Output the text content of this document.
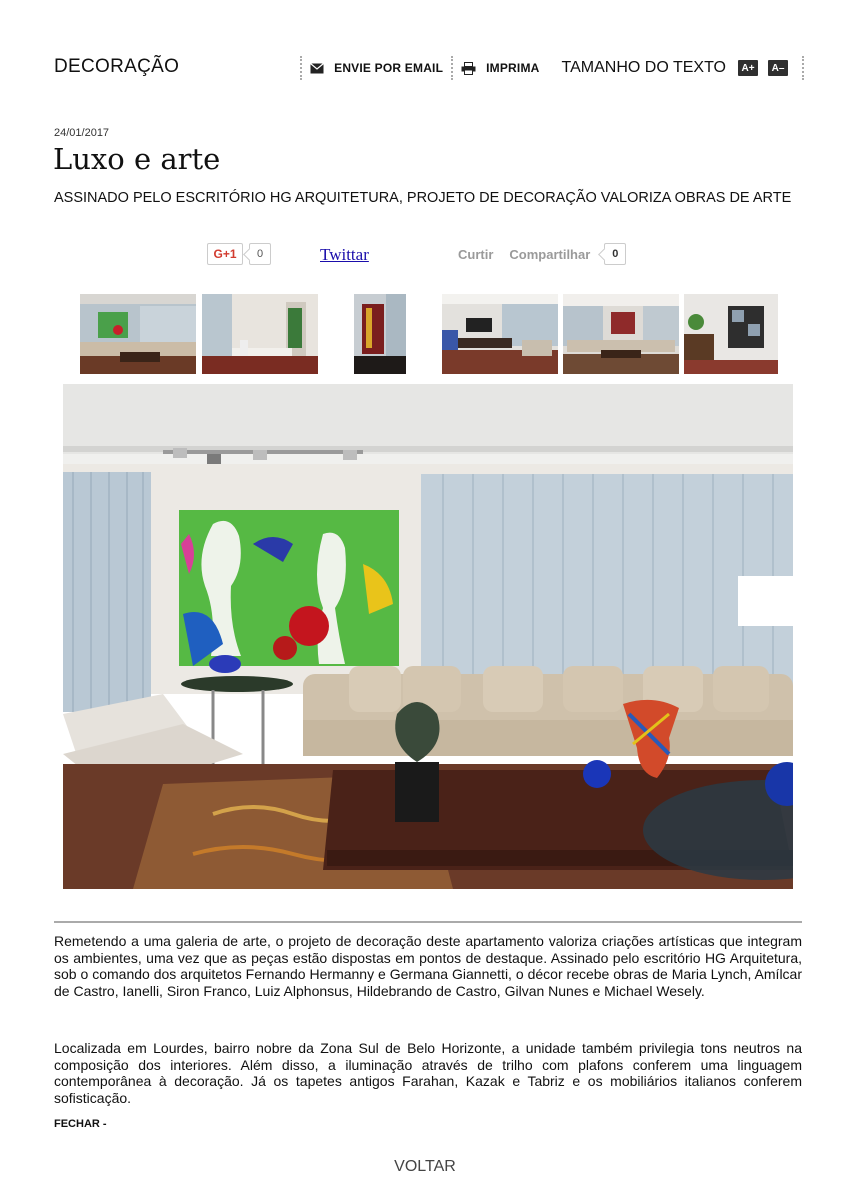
DECORAÇÃO	ENVIE POR EMAIL	IMPRIMA TAMANHO DO TEXTO	A+	A–
24/01/2017
Luxo e arte
ASSINADO PELO ESCRITÓRIO HG ARQUITETURA, PROJETO DE DECORAÇÃO VALORIZA OBRAS DE ARTE
G+1	0	Twittar	Curtir Compartilhar	0

Remetendo a uma galeria de arte, o projeto de decoração deste apartamento valoriza criações artísticas que integram os ambientes, uma vez que as peças estão dispostas em pontos de destaque. Assinado pelo escritório HG Arquitetura, sob o comando dos arquitetos Fernando Hermanny e Germana Giannetti, o décor recebe obras de Maria Lynch, Amílcar de Castro, Ianelli, Siron Franco, Luiz Alphonsus, Hildebrando de Castro, Gilvan Nunes e Michael Wesely.

Localizada em Lourdes, bairro nobre da Zona Sul de Belo Horizonte, a unidade também privilegia tons neutros na composição dos interiores. Além disso, a iluminação através de trilho com plafons conferem uma linguagem contemporânea à decoração. Já os tapetes antigos Farahan, Kazak e Tabriz e os mobiliários italianos conferem sofisticação.

FECHAR -
VOLTAR
